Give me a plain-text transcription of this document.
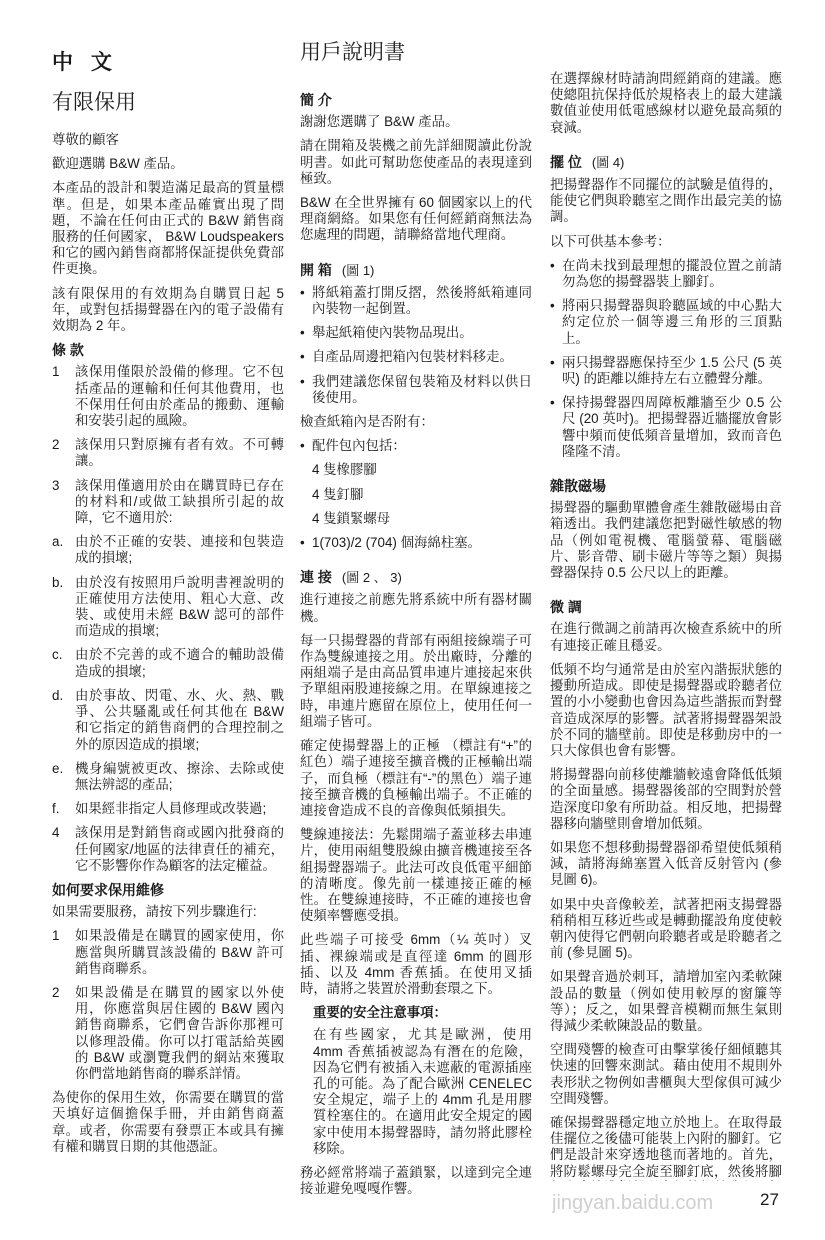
中 文
有限保用
尊敬的顧客
歡迎選購 B&W 產品。
本產品的設計和製造滿足最高的質量標準。但是，如果本產品確實出現了問題，不論在任何由正式的 B&W 銷售商服務的任何國家， B&W Loudspeakers 和它的國內銷售商都將保証提供免費部件更換。
該有限保用的有效期為自購買日起 5 年，或對包括揚聲器在內的電子設備有效期為 2 年。
條 款
1 該保用僅限於設備的修理。它不包括產品的運輸和任何其他費用，也不保用任何由於產品的搬動、運輸和安裝引起的風險。
2 該保用只對原擁有者有效。不可轉讓。
3 該保用僅適用於由在購買時已存在的材料和/或做工缺損所引起的故障，它不適用於:
a. 由於不正確的安裝、連接和包裝造成的損壞;
b. 由於沒有按照用戶說明書裡說明的正確使用方法使用、粗心大意、改裝、或使用未經 B&W 認可的部件而造成的損壞;
c. 由於不完善的或不適合的輔助設備造成的損壞;
d. 由於事故、閃電、水、火、熱、戰爭、公共騷亂或任何其他在 B&W 和它指定的銷售商們的合理控制之外的原因造成的損壞;
e. 機身編號被更改、擦涂、去除或使無法辨認的產品;
f. 如果經非指定人員修理或改裝過;
4 該保用是對銷售商或國內批發商的任何國家/地區的法律責任的補充，它不影響你作為顧客的法定權益。
如何要求保用維修
如果需要服務，請按下列步驟進行:
1 如果設備是在購買的國家使用，你應當與所購買該設備的 B&W 許可銷售商聯系。
2 如果設備是在購買的國家以外使用，你應當與居住國的 B&W 國內銷售商聯系，它們會告訴你那裡可以修理設備。你可以打電話給英國的 B&W 或瀏覽我們的網站來獲取你們當地銷售商的聯系詳情。
為使你的保用生效，你需要在購買的當天填好這個擔保手冊，并由銷售商蓋章。或者，你需要有發票正本或具有擁有權和購買日期的其他憑証。
用戶說明書
簡 介
謝謝您選購了 B&W 產品。
請在開箱及裝機之前先詳細閱讀此份說明書。如此可幫助您使產品的表現達到極致。
B&W 在全世界擁有 60 個國家以上的代理商網絡。如果您有任何經銷商無法為您處理的問題，請聯絡當地代理商。
開 箱 (圖 1)
• 將紙箱蓋打開反摺，然後將紙箱連同內裝物一起倒置。
• 舉起紙箱使內裝物品現出。
• 自產品周邊把箱內包裝材料移走。
• 我們建議您保留包裝箱及材料以供日後使用。
檢查紙箱內是否附有：
• 配件包內包括：
4 隻橡膠腳
4 隻釘腳
4 隻鎖緊螺母
• 1(703)/2 (704) 個海綿柱塞。
連 接 (圖 2 、 3)
進行連接之前應先將系統中所有器材關機。
每一只揚聲器的背部有兩組接線端子可作為雙線連接之用。於出廠時，分離的兩組端子是由高品質串連片連接起來供予單組兩股連接線之用。在單線連接之時，串連片應留在原位上，使用任何一組端子皆可。
確定使揚聲器上的正極 （標註有“+”的紅色）端子連接至擴音機的正極輸出端子，而負極（標註有“-”的黑色）端子連接至擴音機的負極輸出端子。不正確的連接會造成不良的音像與低頻損失。
雙線連接法：先鬆開端子蓋並移去串連片，使用兩組雙股線由擴音機連接至各組揚聲器端子。此法可改良低電平細節的清晰度。像先前一樣連接正確的極性。在雙線連接時，不正確的連接也會使頻率響應受損。
此些端子可接受 6mm（¼ 英吋）叉插、裸線端或是直徑達 6mm 的圓形插、以及 4mm 香蕉插。在使用叉插時，請將之裝置於滑動套環之下。
重要的安全注意事項：
在有些國家，尤其是歐洲，使用 4mm 香蕉插被認為有潛在的危險，因為它們有被插入未遮蔽的電源插座孔的可能。為了配合歐洲 CENELEC 安全規定，端子上的 4mm 孔是用膠質栓塞住的。在適用此安全規定的國家中使用本揚聲器時，請勿將此膠栓移除。
務必經常將端子蓋鎖緊，以達到完全連接並避免嘎嘎作響。
在選擇線材時請詢問經銷商的建議。應使總阻抗保持低於規格表上的最大建議數值並使用低電感線材以避免最高頻的衰減。
擺 位 (圖 4)
把揚聲器作不同擺位的試驗是值得的，能使它們與聆聽室之間作出最完美的協調。
以下可供基本參考：
• 在尚未找到最理想的擺設位置之前請勿為您的揚聲器裝上腳釘。
• 將兩只揚聲器與聆聽區域的中心點大約定位於一個等邊三角形的三頂點上。
• 兩只揚聲器應保持至少 1.5 公尺 (5 英呎) 的距離以維持左右立體聲分離。
• 保持揚聲器四周障板離牆至少 0.5 公尺 (20 英吋)。把揚聲器近牆擺放會影響中頻而使低頻音量增加，致而音色隆隆不清。
雜散磁場
揚聲器的驅動單體會產生雜散磁場由音箱透出。我們建議您把對磁性敏感的物品（例如電視機、電腦螢幕、電腦磁片、影音帶、刷卡磁片等等之類）與揚聲器保持 0.5 公尺以上的距離。
微 調
在進行微調之前請再次檢查系統中的所有連接正確且穩妥。
低頻不均勻通常是由於室內諧振狀態的擾動所造成。即使是揚聲器或聆聽者位置的小小變動也會因為這些諧振而對聲音造成深厚的影響。試著將揚聲器架設於不同的牆壁前。即使是移動房中的一只大傢俱也會有影響。
將揚聲器向前移使離牆較遠會降低低頻的全面量感。揚聲器後部的空間對於營造深度印象有所助益。相反地，把揚聲器移向牆壁則會增加低頻。
如果您不想移動揚聲器卻希望使低頻稍減，請將海綿塞置入低音反射管內 (參見圖 6)。
如果中央音像較差，試著把兩支揚聲器稍稍相互移近些或是轉動擺設角度使較朝內使得它們朝向聆聽者或是聆聽者之前 (參見圖 5)。
如果聲音過於刺耳，請增加室內柔軟陳設品的數量（例如使用較厚的窗簾等等）；反之，如果聲音模糊而無生氣則得減少柔軟陳設品的數量。
空間殘響的檢查可由擊掌後仔細傾聽其快速的回響來測試。藉由使用不規則外表形狀之物例如書櫃與大型傢俱可減少空間殘響。
確保揚聲器穩定地立於地上。在取得最佳擺位之後儘可能裝上內附的腳釘。它們是設計來穿透地毯而著地的。首先，將防鬆螺母完全旋至腳釘底，然後將腳
jingyan.baidu.com	27
